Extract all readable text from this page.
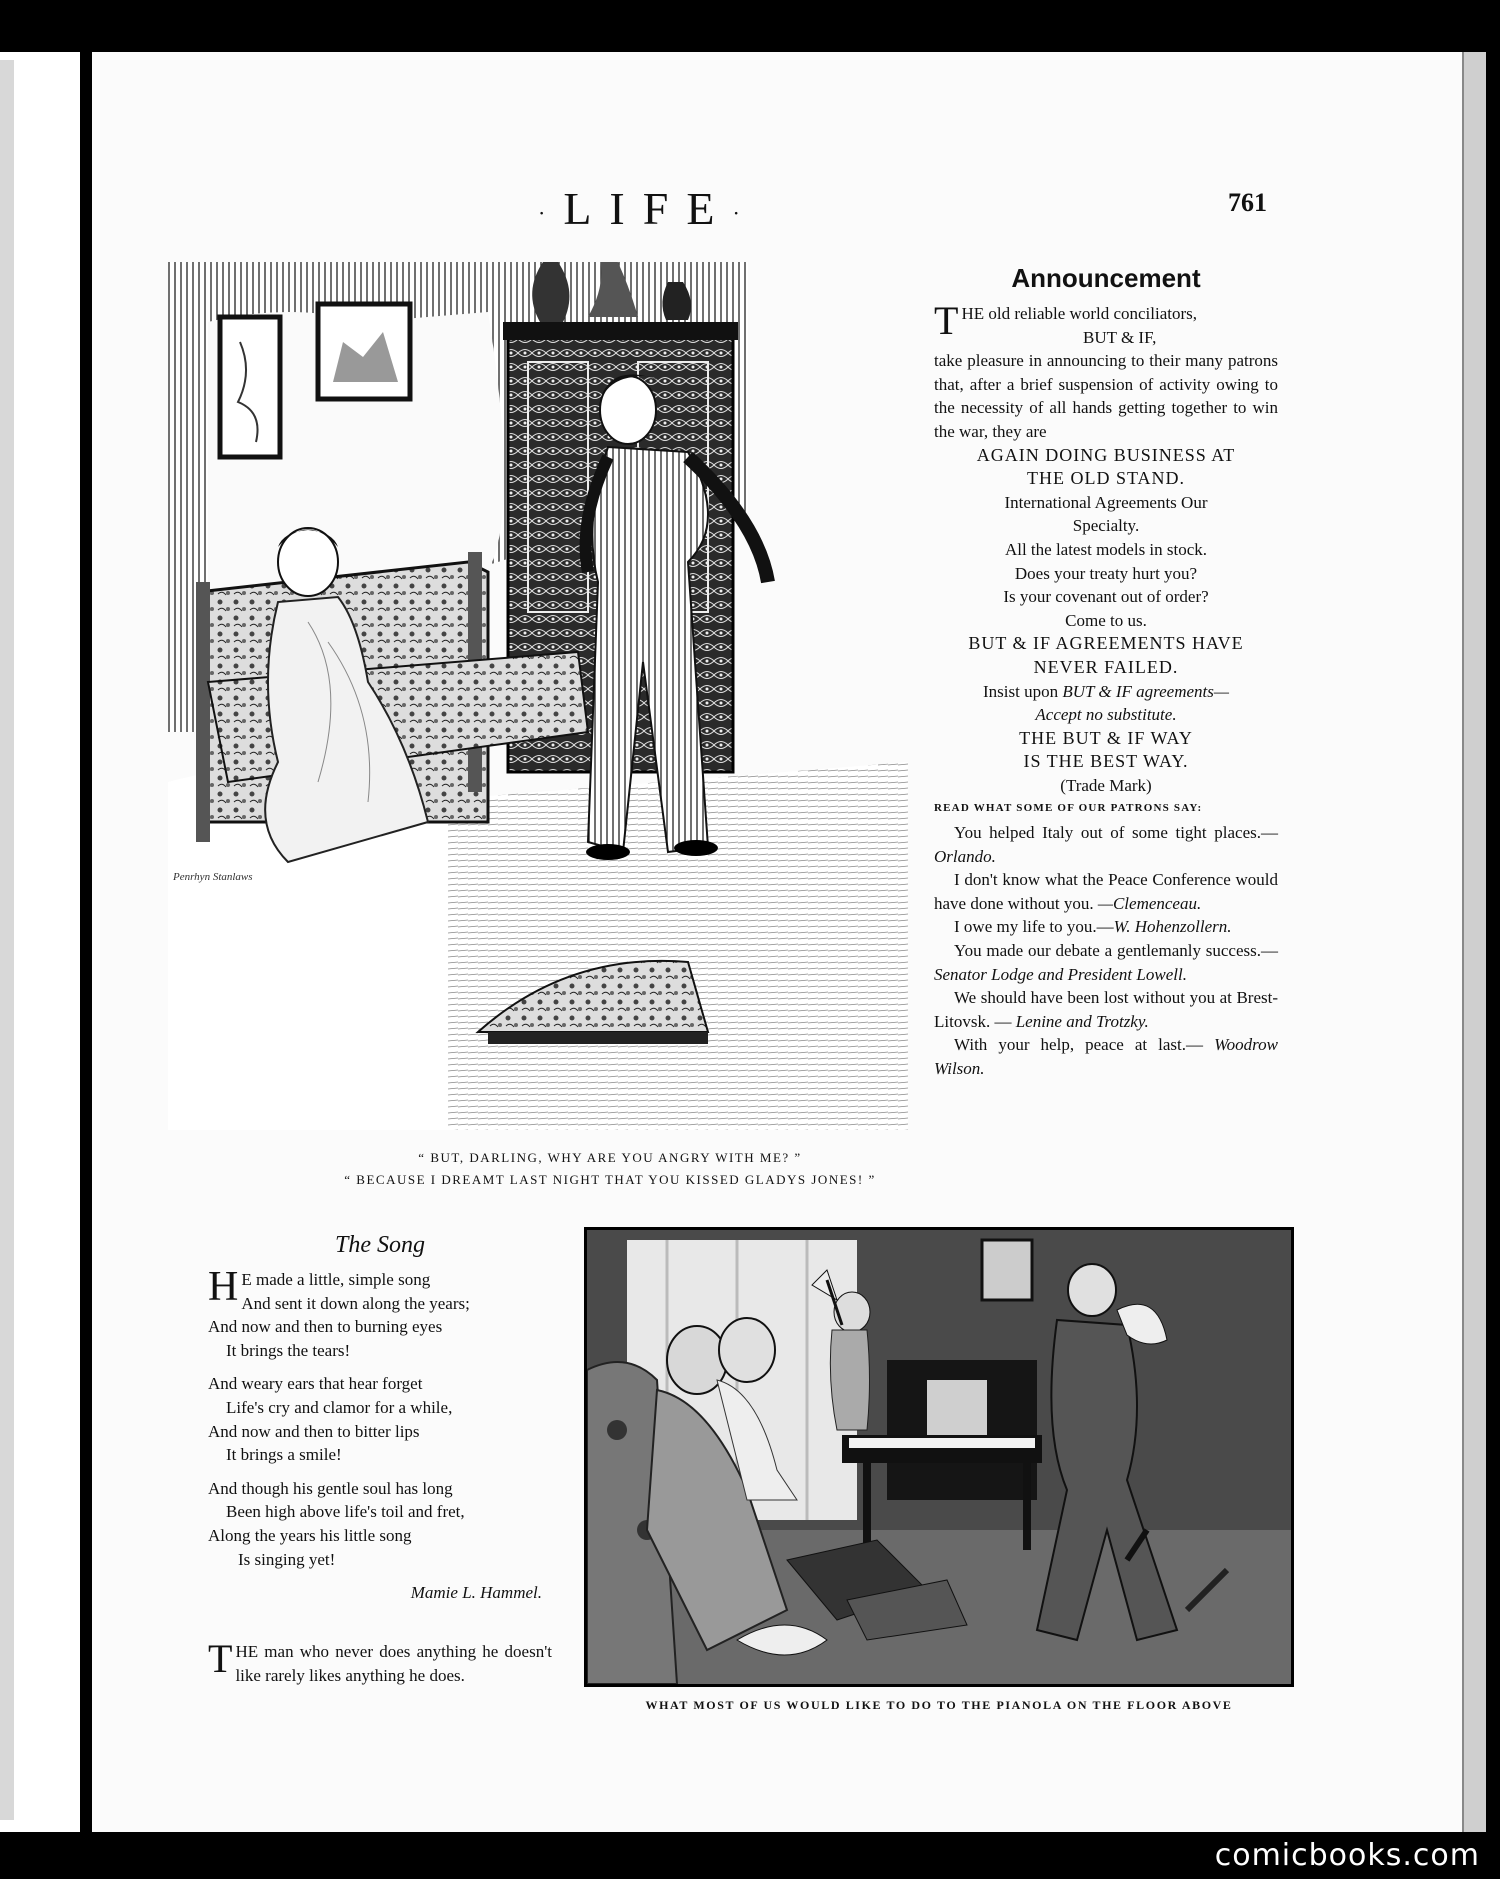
·LIFE·	761
Penrhyn Stanlaws
“ BUT, DARLING, WHY ARE YOU ANGRY WITH ME? ”
“ BECAUSE I DREAMT LAST NIGHT THAT YOU KISSED GLADYS JONES! ”
Announcement
THE old reliable world conciliators,
BUT & IF,
take pleasure in announcing to their many patrons that, after a brief suspension of activity owing to the necessity of all hands getting together to win the war, they are
AGAIN DOING BUSINESS AT
THE OLD STAND.
International Agreements Our
Specialty.
All the latest models in stock.
Does your treaty hurt you?
Is your covenant out of order?
Come to us.
BUT & IF AGREEMENTS HAVE
NEVER FAILED.
Insist upon BUT & IF agreements—
Accept no substitute.
THE BUT & IF WAY
IS THE BEST WAY.
(Trade Mark)
READ WHAT SOME OF OUR PATRONS SAY:
You helped Italy out of some tight places.—Orlando.
I don't know what the Peace Conference would have done without you. —Clemenceau.
I owe my life to you.—W. Hohenzollern.
You made our debate a gentlemanly success.—Senator Lodge and President Lowell.
We should have been lost without you at Brest-Litovsk. — Lenine and Trotzky.
With your help, peace at last.— Woodrow Wilson.
The Song
H E made a little, simple song
And sent it down along the years;
And now and then to burning eyes
It brings the tears!
And weary ears that hear forget
Life's cry and clamor for a while,
And now and then to bitter lips
It brings a smile!
And though his gentle soul has long
Been high above life's toil and fret,
Along the years his little song
Is singing yet!
Mamie L. Hammel.
THE man who never does anything he doesn't like rarely likes anything he does.
WHAT MOST OF US WOULD LIKE TO DO TO THE PIANOLA ON THE FLOOR ABOVE
comicbooks.com
